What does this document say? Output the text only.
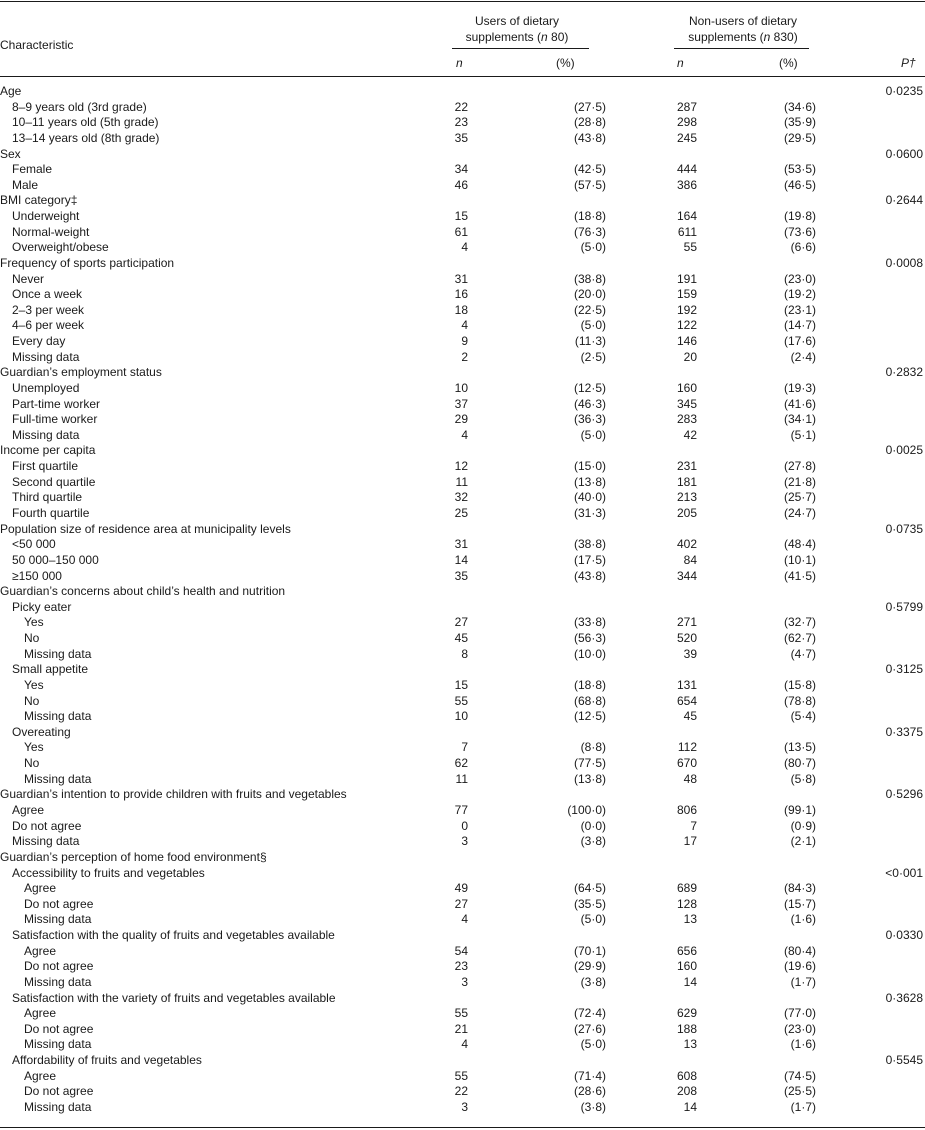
Characteristic
Users of dietary
supplements (n 80)
Non-users of dietary
supplements (n 830)
n	(%)	n	(%)	P†
Age	0·0235
8–9 years old (3rd grade)	22	(27·5)	287	(34·6)
10–11 years old (5th grade)	23	(28·8)	298	(35·9)
13–14 years old (8th grade)	35	(43·8)	245	(29·5)
Sex	0·0600
Female	34	(42·5)	444	(53·5)
Male	46	(57·5)	386	(46·5)
BMI category‡	0·2644
Underweight	15	(18·8)	164	(19·8)
Normal-weight	61	(76·3)	611	(73·6)
Overweight/obese	4	(5·0)	55	(6·6)
Frequency of sports participation	0·0008
Never	31	(38·8)	191	(23·0)
Once a week	16	(20·0)	159	(19·2)
2–3 per week	18	(22·5)	192	(23·1)
4–6 per week	4	(5·0)	122	(14·7)
Every day	9	(11·3)	146	(17·6)
Missing data	2	(2·5)	20	(2·4)
Guardian’s employment status	0·2832
Unemployed	10	(12·5)	160	(19·3)
Part-time worker	37	(46·3)	345	(41·6)
Full-time worker	29	(36·3)	283	(34·1)
Missing data	4	(5·0)	42	(5·1)
Income per capita	0·0025
First quartile	12	(15·0)	231	(27·8)
Second quartile	11	(13·8)	181	(21·8)
Third quartile	32	(40·0)	213	(25·7)
Fourth quartile	25	(31·3)	205	(24·7)
Population size of residence area at municipality levels	0·0735
<50 000	31	(38·8)	402	(48·4)
50 000–150 000	14	(17·5)	84	(10·1)
≥150 000	35	(43·8)	344	(41·5)
Guardian’s concerns about child’s health and nutrition
Picky eater	0·5799
Yes	27	(33·8)	271	(32·7)
No	45	(56·3)	520	(62·7)
Missing data	8	(10·0)	39	(4·7)
Small appetite	0·3125
Yes	15	(18·8)	131	(15·8)
No	55	(68·8)	654	(78·8)
Missing data	10	(12·5)	45	(5·4)
Overeating	0·3375
Yes	7	(8·8)	112	(13·5)
No	62	(77·5)	670	(80·7)
Missing data	11	(13·8)	48	(5·8)
Guardian’s intention to provide children with fruits and vegetables	0·5296
Agree	77	(100·0)	806	(99·1)
Do not agree	0	(0·0)	7	(0·9)
Missing data	3	(3·8)	17	(2·1)
Guardian’s perception of home food environment§
Accessibility to fruits and vegetables	<0·001
Agree	49	(64·5)	689	(84·3)
Do not agree	27	(35·5)	128	(15·7)
Missing data	4	(5·0)	13	(1·6)
Satisfaction with the quality of fruits and vegetables available	0·0330
Agree	54	(70·1)	656	(80·4)
Do not agree	23	(29·9)	160	(19·6)
Missing data	3	(3·8)	14	(1·7)
Satisfaction with the variety of fruits and vegetables available	0·3628
Agree	55	(72·4)	629	(77·0)
Do not agree	21	(27·6)	188	(23·0)
Missing data	4	(5·0)	13	(1·6)
Affordability of fruits and vegetables	0·5545
Agree	55	(71·4)	608	(74·5)
Do not agree	22	(28·6)	208	(25·5)
Missing data	3	(3·8)	14	(1·7)
